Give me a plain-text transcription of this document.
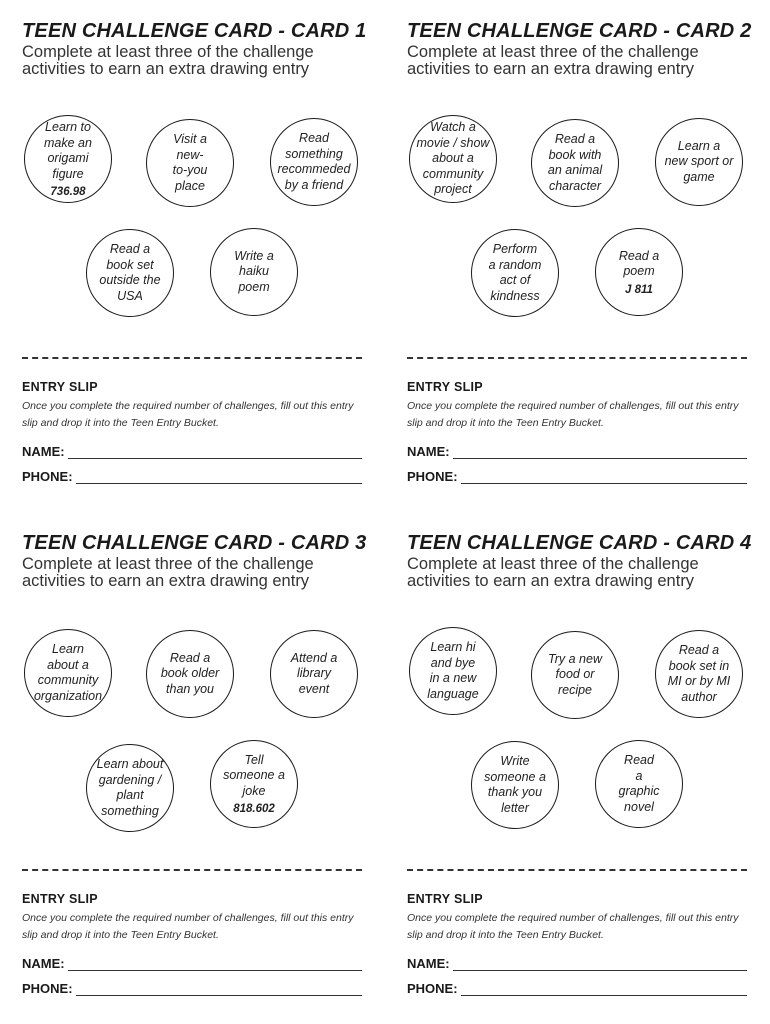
TEEN CHALLENGE CARD - CARD 1

Complete at least three of the challenge activities to earn an extra drawing entry

Learn to
make an
origami
figure
736.98
Visit a
new-
to-you
place
Read
something
recommeded
by a friend
Read a
book set
outside the
USA
Write a
haiku
poem
ENTRY SLIP

Once you complete the required number of challenges, fill out this entry slip and drop it into the Teen Entry Bucket.

NAME:
PHONE:
TEEN CHALLENGE CARD - CARD 2

Complete at least three of the challenge activities to earn an extra drawing entry

Watch a
movie / show
about a
community
project
Read a
book with
an animal
character
Learn a
new sport or
game
Perform
a random
act of
kindness
Read a
poem
J 811
ENTRY SLIP

Once you complete the required number of challenges, fill out this entry slip and drop it into the Teen Entry Bucket.

NAME:
PHONE:
TEEN CHALLENGE CARD - CARD 3

Complete at least three of the challenge activities to earn an extra drawing entry

Learn
about a
community
organization
Read a
book older
than you
Attend a
library
event
Learn about
gardening /
plant
something
Tell
someone a
joke
818.602
ENTRY SLIP

Once you complete the required number of challenges, fill out this entry slip and drop it into the Teen Entry Bucket.

NAME:
PHONE:
TEEN CHALLENGE CARD - CARD 4

Complete at least three of the challenge activities to earn an extra drawing entry

Learn hi
and bye
in a new
language
Try a new
food or
recipe
Read a
book set in
MI or by MI
author
Write
someone a
thank you
letter
Read
a
graphic
novel
ENTRY SLIP

Once you complete the required number of challenges, fill out this entry slip and drop it into the Teen Entry Bucket.

NAME:
PHONE:
